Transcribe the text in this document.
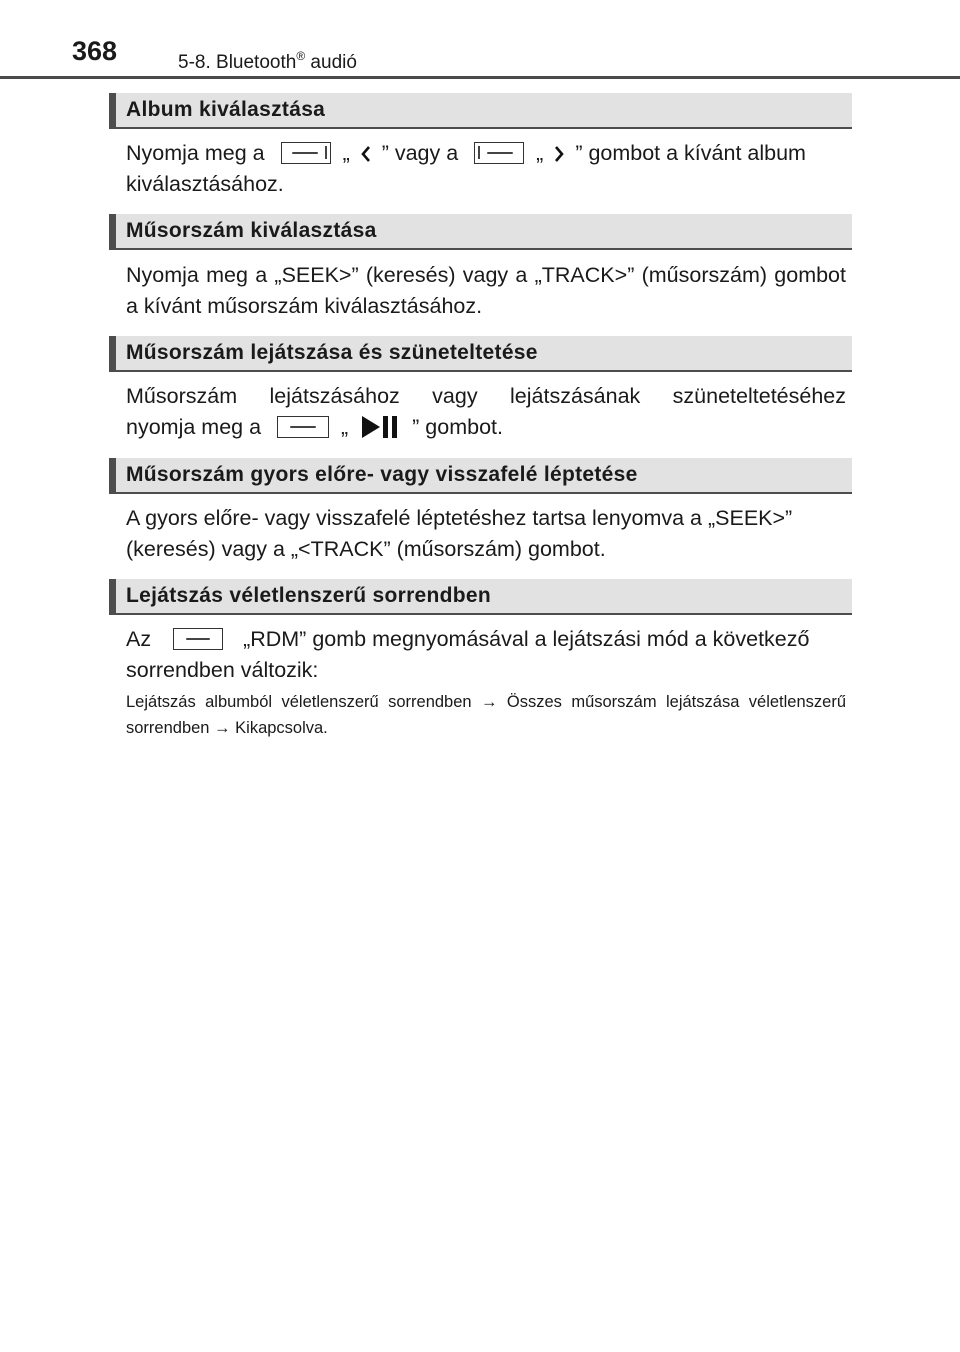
368	5-8. Bluetooth® audió
Album kiválasztása
Nyomja meg a	„ ” vagy a	„ ” gombot a kívánt album
kiválasztásához.
Műsorszám kiválasztása
Nyomja meg a „SEEK>” (keresés) vagy a „TRACK>” (műsorszám) gombot a kívánt műsorszám kiválasztásához.
Műsorszám lejátszása és szüneteltetése
Műsorszám lejátszásához vagy lejátszásának szüneteltetéséhez
nyomja meg a	„	” gombot.
Műsorszám gyors előre- vagy visszafelé léptetése
A gyors előre- vagy visszafelé léptetéshez tartsa lenyomva a „SEEK>” (keresés) vagy a „<TRACK” (műsorszám) gombot.
Lejátszás véletlenszerű sorrendben
Az	„RDM” gomb megnyomásával a lejátszási mód a következő
sorrendben változik:
Lejátszás albumból véletlenszerű sorrendben → Összes műsorszám lejátszása véletlenszerű sorrendben → Kikapcsolva.
